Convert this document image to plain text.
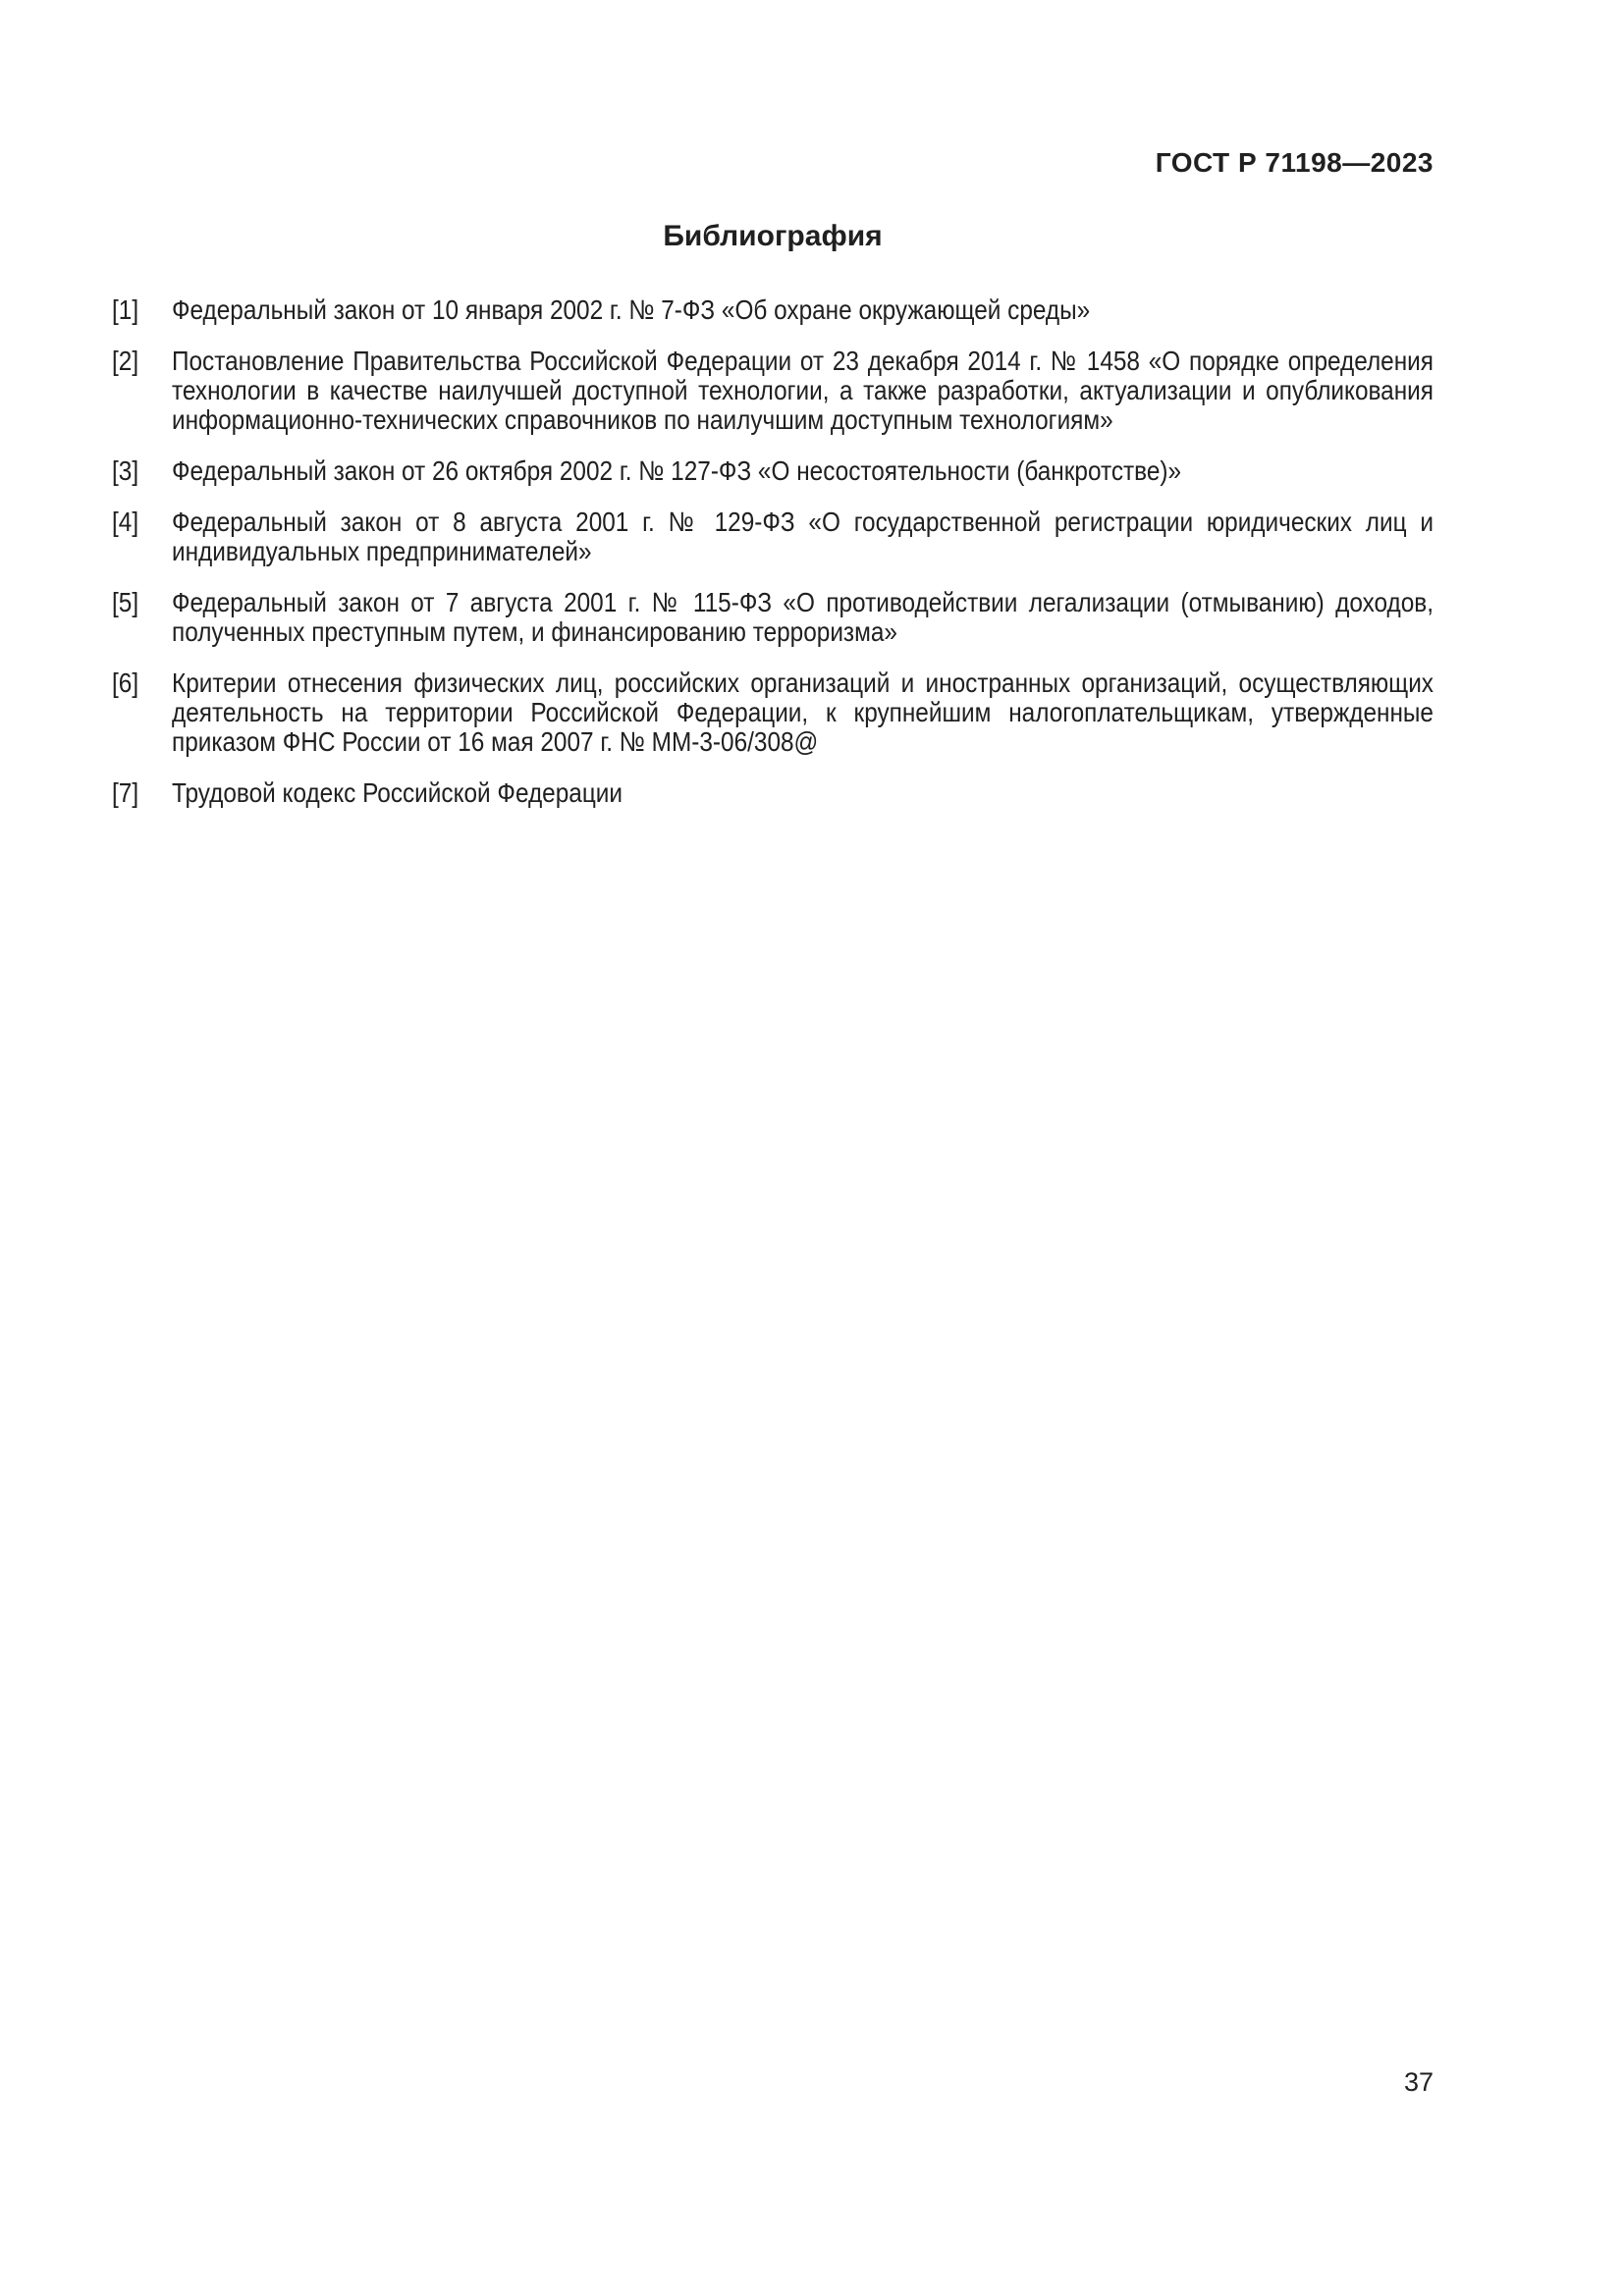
ГОСТ Р 71198—2023
Библиография
[1] Федеральный закон от 10 января 2002 г. № 7-ФЗ «Об охране окружающей среды»
[2] Постановление Правительства Российской Федерации от 23 декабря 2014 г. № 1458 «О порядке определения технологии в качестве наилучшей доступной технологии, а также разработки, актуализации и опубликования информационно-технических справочников по наилучшим доступным технологиям»
[3] Федеральный закон от 26 октября 2002 г. № 127-ФЗ «О несостоятельности (банкротстве)»
[4] Федеральный закон от 8 августа 2001 г. № 129-ФЗ «О государственной регистрации юридических лиц и индивидуальных предпринимателей»
[5] Федеральный закон от 7 августа 2001 г. № 115-ФЗ «О противодействии легализации (отмыванию) доходов, полученных преступным путем, и финансированию терроризма»
[6] Критерии отнесения физических лиц, российских организаций и иностранных организаций, осуществляющих деятельность на территории Российской Федерации, к крупнейшим налогоплательщикам, утвержденные приказом ФНС России от 16 мая 2007 г. № ММ-3-06/308@
[7] Трудовой кодекс Российской Федерации
37
